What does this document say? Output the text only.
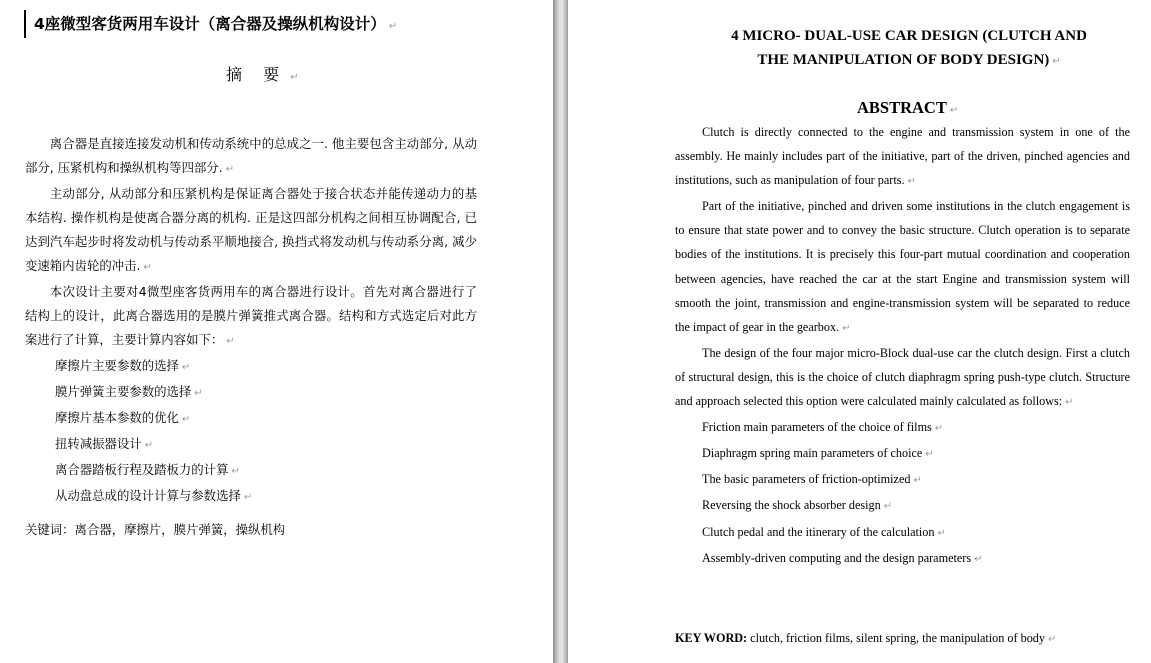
4座微型客货两用车设计（离合器及操纵机构设计） ↵
摘 要 ↵

离合器是直接连接发动机和传动系统中的总成之一. 他主要包含主动部分, 从动部分, 压紧机构和操纵机构等四部分. ↵

主动部分, 从动部分和压紧机构是保证离合器处于接合状态并能传递动力的基本结构. 操作机构是使离合器分离的机构. 正是这四部分机构之间相互协调配合, 已达到汽车起步时将发动机与传动系平顺地接合, 换挡式将发动机与传动系分离, 减少变速箱内齿轮的冲击. ↵

本次设计主要对4微型座客货两用车的离合器进行设计。首先对离合器进行了结构上的设计，此离合器选用的是膜片弹簧推式离合器。结构和方式选定后对此方案进行了计算，主要计算内容如下： ↵

摩擦片主要参数的选择 ↵

膜片弹簧主要参数的选择 ↵

摩擦片基本参数的优化 ↵

扭转减振器设计 ↵

离合器踏板行程及踏板力的计算 ↵

从动盘总成的设计计算与参数选择 ↵

关键词：离合器，摩擦片，膜片弹簧，操纵机构
4 MICRO- DUAL-USE CAR DESIGN (CLUTCH AND
THE MANIPULATION OF BODY DESIGN) ↵
ABSTRACT ↵

Clutch is directly connected to the engine and transmission system in one of the assembly. He mainly includes part of the initiative, part of the driven, pinched agencies and institutions, such as manipulation of four parts. ↵

Part of the initiative, pinched and driven some institutions in the clutch engagement is to ensure that state power and to convey the basic structure. Clutch operation is to separate bodies of the institutions. It is precisely this four-part mutual coordination and cooperation between agencies, have reached the car at the start Engine and transmission system will smooth the joint, transmission and engine-transmission system will be separated to reduce the impact of gear in the gearbox. ↵

The design of the four major micro-Block dual-use car the clutch design. First a clutch of structural design, this is the choice of clutch diaphragm spring push-type clutch. Structure and approach selected this option were calculated mainly calculated as follows: ↵

Friction main parameters of the choice of films ↵

Diaphragm spring main parameters of choice ↵

The basic parameters of friction-optimized ↵

Reversing the shock absorber design ↵

Clutch pedal and the itinerary of the calculation ↵

Assembly-driven computing and the design parameters ↵

KEY WORD: clutch, friction films, silent spring, the manipulation of body ↵
